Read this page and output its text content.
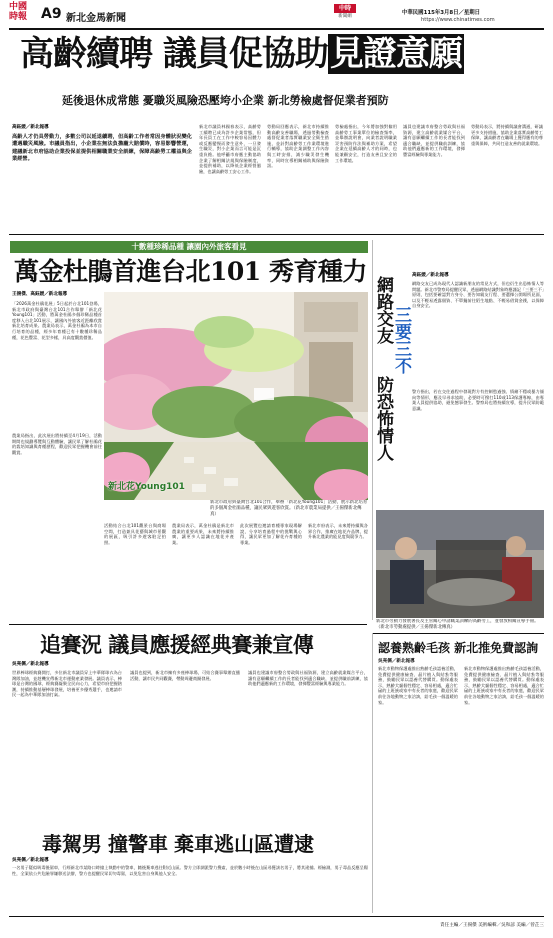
中國
時報 A9 新北金馬新聞
中時
新聞網
中華民國115年3月8日／星期日
https://www.chinatimes.com
高齡續聘 議員促協助見證意願
延後退休成常態 憂職災風險恐壓垮小企業 新北勞檢處督促業者預防
高鈺媛／新北報導
高齡人才仍具勞動力，多數公司以延退續聘，但高齡工作者常因身體狀況變化遭遇職災風險。市議員指出，小企業在無法負擔龐大賠償時，容易影響營運，建議新北市府協助企業投保並提供相關職業安全訓練，保障高齡勞工權益與企業經營。
新北市議員林國春表示，高齡勞工續聘已成為許多企業常態，但年長員工在工作中較容易因體力或反應變慢而發生意外，一旦發生職災，對小企業而言可能是沉重負擔。他呼籲市府應主動協助企業了解相關法規與保險制度，並提供補助，以降低企業經營風險，也讓高齡勞工安心工作。
勞動局回應表示，新北市持續推動高齡友善職場，透過勞動檢查處督促業者落實職業安全衛生措施，並針對高齡勞工作業環境進行輔導，協助企業調整工作內容與工時安排，減少職災發生機率，同時宣導相關補助與保險資訊。
勞檢處指出，今年將加強對僱用高齡勞工事業單位的檢查頻率，並舉辦說明會，向業者說明職業災害預防作法與補助方案，希望企業在延續高齡人才的同時，也能兼顧安全，打造友善且安全的工作環境。
議員也建議市府整合勞政與社福資源，建立高齡就業媒合平台，讓有意願繼續工作的長者能找到適合職缺，並提供職前訓練，協助他們適應新的工作環境，發揮豐富經驗與專業能力。
勞動局表示，將持續與議會溝通，研議更多支持措施，協助企業落實高齡勞工保障，讓高齡者在職場上獲得應有的尊重與保障，共同打造友善的就業環境。
十數種珍稀品種 讓園內外旅客看見
萬金杜鵑首進台北101 秀育種力
王揚傑、高鈺媛／新北報導
「2026萬金杜鵑花展」5日起於台北101登場，新北市政府與臺灣台北101合作舉辦「新北花Young101」活動，將萬金杜鵑多個珍稀品種首度移入台北101展示，讓國內外旅客近距離欣賞新北培育成果。農業局表示，萬金杜鵑為本市自行培育的品種，經多年育種已有十數種珍稀品種，花色豐富、花型多樣，具高度觀賞價值。
農業局指出，此次展出將持續至4月19日，活動期間也規劃導覽與互動體驗，讓民眾了解杜鵑花的栽培知識與育種歷程，歡迎民眾把握機會前往觀賞。
新北花Young101
新北市政府與臺灣台北101合作，舉辦「新北花Young101」活動，展示新北培育的多個萬金杜鵑品種，讓民眾與遊客欣賞。（新北市農業局提供／王揚傑新北傳真）
活動結合台北101觀景台與商場空間，打造兼具花藝與城市景觀的展區，吸引許多遊客駐足拍照。
農業局表示，萬金杜鵑是新北市農業的重要成果，未來將持續推廣，讓更多人認識在地花卉產業。
此次展覽也邀請育種專家現場解說，分享培育過程中的挑戰與心得，讓民眾更加了解花卉育種的專業。
新北市府表示，未來將持續與各界合作，推廣在地花卉品牌，提升新北農業的能見度與競爭力。
網路交友
三要三不
防恐怖情人
高鈺媛／新北報導
網路交友已成為現代人認識新朋友的常見方式，但也衍生出恐怖情人等問題。新北市警察局提醒民眾，透過網路結識對象時應謹記「三要三不」原則，包括要確認對方身分、要告知親友行程、要選擇公開場所見面，以及不輕易透露個資、不單獨前往陌生地點、不輕易借貸金錢，以保障自身安全。
警方指出，若在交往過程中發現對方有控制慾過強、情緒不穩或暴力傾向等情形，應及早尋求協助，必要時可撥打110或113保護專線，由專業人員提供協助，避免憾事發生。警察局也將持續宣導，提升民眾防範意識。
新北市勞動力發展署長及主管關心申請職業訓練的高齡勞工，並發放相關宣導手冊。（新北市勞動處提供／王揚傑新北傳真）
追賽況 議員應援經典賽兼宣傳
吳亮儒／新北報導
世界棒球經典賽開打，多位新北市議員穿上中華隊球衣為台灣隊加油，並趁機宣傳新北市運動產業發展。議員表示，棒球是台灣的國球，經典賽凝聚全民向心力，希望市府把握熱潮，持續推動基層棒球發展，培養更多優秀選手，也邀請市民一起為中華隊加油打氣。
議員也提到，新北市擁有多座棒球場，可結合賽事舉辦直播活動，讓市民共同觀賽，帶動周邊商圈發展。
議員也建議市府整合勞政與社福資源，建立高齡就業媒合平台，讓有意願繼續工作的長者能找到適合職缺，並提供職前訓練，協助他們適應新的工作環境，發揮豐富經驗與專業能力。
認養熟齡毛孩 新北推免費認詢
吳亮儒／新北報導
新北市動物保護處推出熟齡毛孩認養活動，免費提供健康檢查、晶片植入與結紮等服務，鼓勵民眾以認養代替購買。動保處表示，熟齡犬貓個性穩定、容易相處，適合忙碌的上班族或家中有長者的家庭，歡迎民眾前往各地動物之家洽詢，給毛孩一個溫暖的家。
新北市動物保護處推出熟齡毛孩認養活動，免費提供健康檢查、晶片植入與結紮等服務，鼓勵民眾以認養代替購買。動保處表示，熟齡犬貓個性穩定、容易相處，適合忙碌的上班族或家中有長者的家庭，歡迎民眾前往各地動物之家洽詢，給毛孩一個溫暖的家。
毒駕男 撞警車 棄車逃山區遭逮
吳亮儒／新北報導
一名男子疑似吸毒後駕車，行經新北市某路口時撞上執勤中的警車，隨後棄車逃往附近山區。警方立即調派警力搜索，並於數小時後在山區尋獲該名男子，將其逮捕。經檢測，男子毒品反應呈陽性，全案依公共危險罪嫌移送法辦，警方也提醒民眾切勿毒駕，以免危害自身與他人安全。
責任主編／王揚傑 美術編輯／吳和諺 美編／曾芷三
